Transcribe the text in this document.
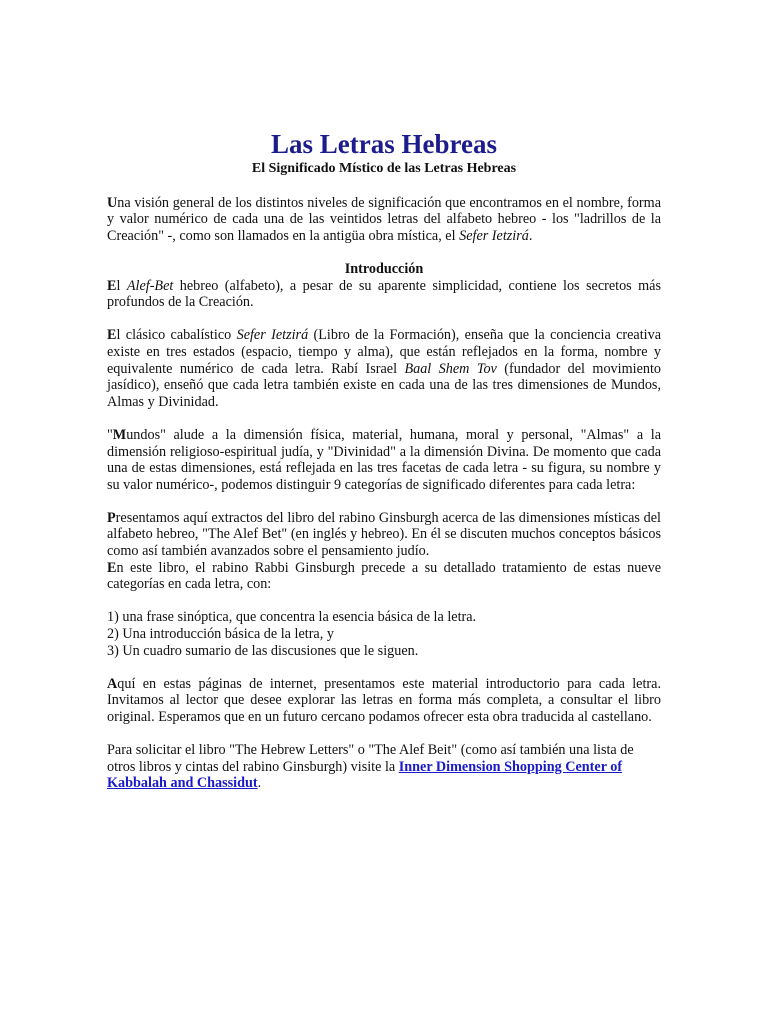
Las Letras Hebreas
El Significado Místico de las Letras Hebreas

Una visión general de los distintos niveles de significación que encontramos en el nombre, forma y valor numérico de cada una de las veintidos letras del alfabeto hebreo - los "ladrillos de la Creación" -, como son llamados en la antigüa obra mística, el Sefer Ietzirá.

Introducción

El Alef-Bet hebreo (alfabeto), a pesar de su aparente simplicidad, contiene los secretos más profundos de la Creación.

El clásico cabalístico Sefer Ietzirá (Libro de la Formación), enseña que la conciencia creativa existe en tres estados (espacio, tiempo y alma), que están reflejados en la forma, nombre y equivalente numérico de cada letra. Rabí Israel Baal Shem Tov (fundador del movimiento jasídico), enseñó que cada letra también existe en cada una de las tres dimensiones de Mundos, Almas y Divinidad.

"Mundos" alude a la dimensión física, material, humana, moral y personal, "Almas" a la dimensión religioso-espiritual judía, y "Divinidad" a la dimensión Divina. De momento que cada una de estas dimensiones, está reflejada en las tres facetas de cada letra - su figura, su nombre y su valor numérico-, podemos distinguir 9 categorías de significado diferentes para cada letra:

Presentamos aquí extractos del libro del rabino Ginsburgh acerca de las dimensiones místicas del alfabeto hebreo, "The Alef Bet" (en inglés y hebreo). En él se discuten muchos conceptos básicos como así también avanzados sobre el pensamiento judío.

En este libro, el rabino Rabbi Ginsburgh precede a su detallado tratamiento de estas nueve categorías en cada letra, con:

1) una frase sinóptica, que concentra la esencia básica de la letra.
2) Una introducción básica de la letra, y
3) Un cuadro sumario de las discusiones que le siguen.

Aquí en estas páginas de internet, presentamos este material introductorio para cada letra. Invitamos al lector que desee explorar las letras en forma más completa, a consultar el libro original. Esperamos que en un futuro cercano podamos ofrecer esta obra traducida al castellano.

Para solicitar el libro "The Hebrew Letters" o "The Alef Beit" (como así también una lista de otros libros y cintas del rabino Ginsburgh) visite la Inner Dimension Shopping Center of Kabbalah and Chassidut.
